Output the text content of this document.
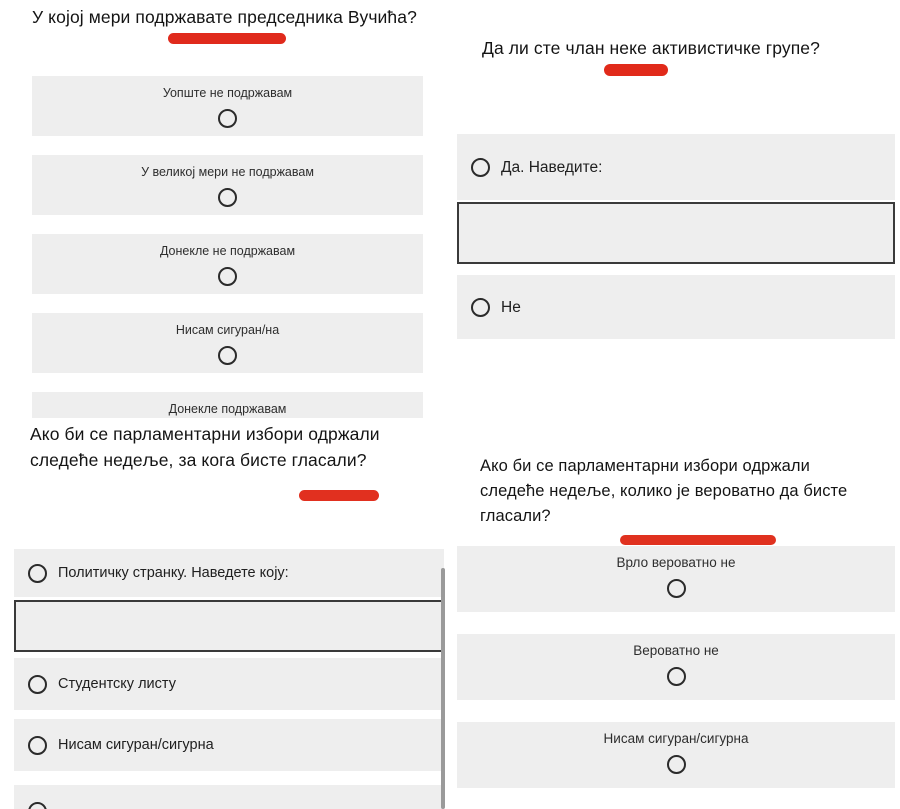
У којој мери подржавате председника Вучића?
Уопште не подржавам
У великој мери не подржавам
Донекле не подржавам
Нисам сигуран/на
Донекле подржавам
Ако би се парламентарни избори одржали следеће недеље, за кога бисте гласали?
Политичку странку. Наведете коју:
Студентску листу
Нисам сигуран/сигурна
Да ли сте члан неке активистичке групе?
Да. Наведите:
Не
Ако би се парламентарни избори одржали следеће недеље, колико је вероватно да бисте гласали?
Врло вероватно не
Вероватно не
Нисам сигуран/сигурна
